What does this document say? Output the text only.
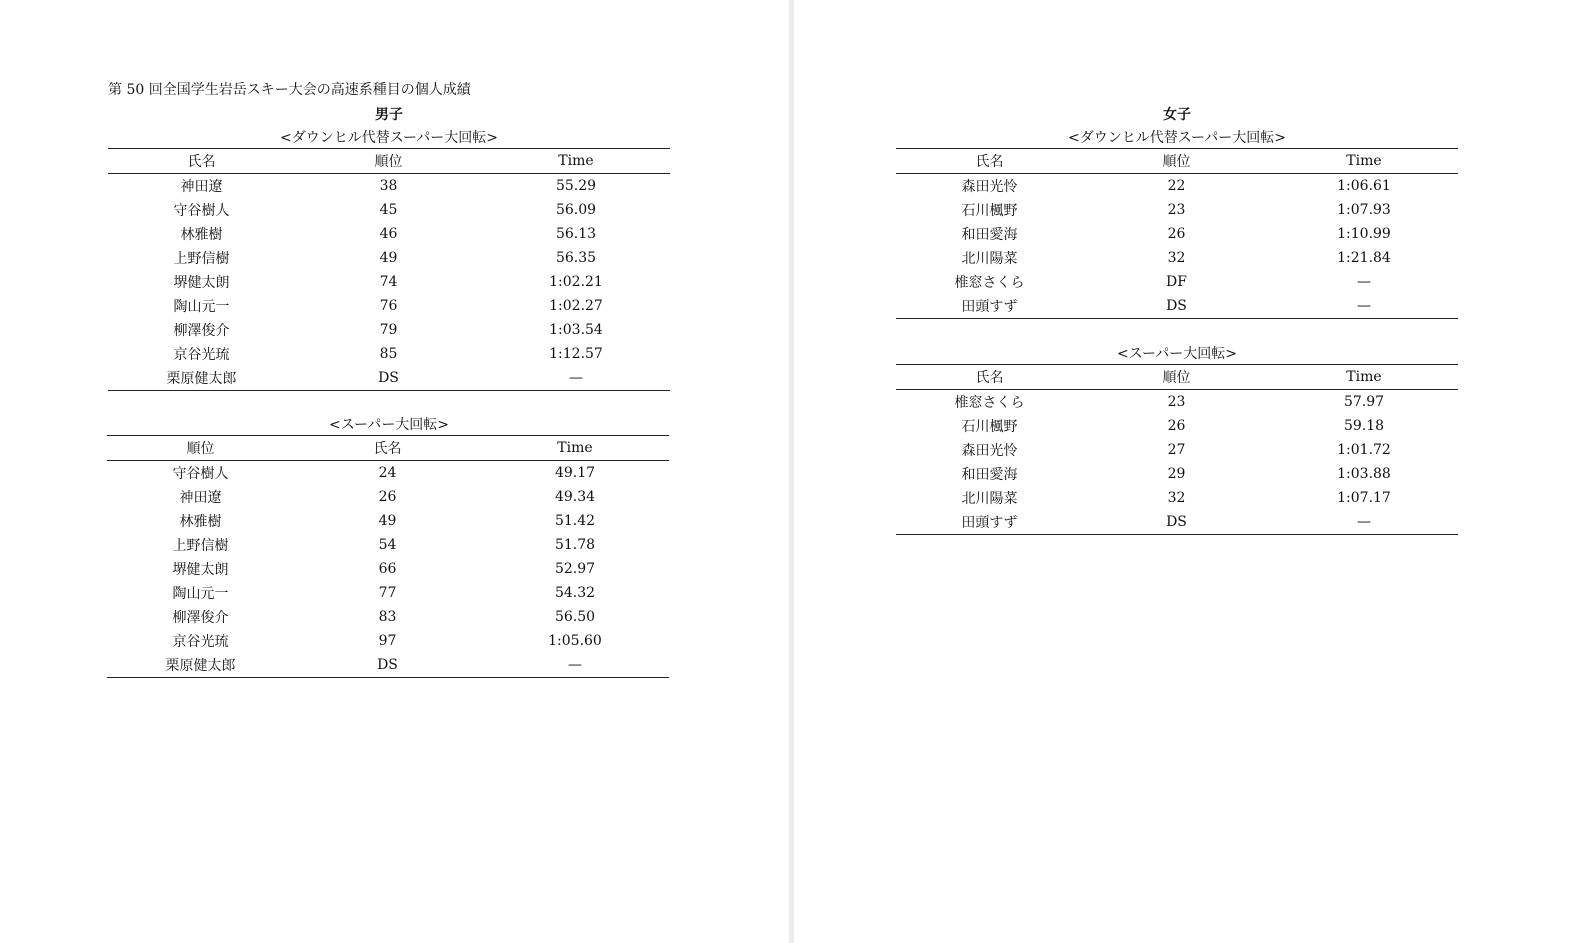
第 50 回全国学生岩岳スキー大会の高速系種目の個人成績
男子
<ダウンヒル代替スーパー大回転>
氏名	順位	Time
神田遼	38	55.29
守谷樹人	45	56.09
林雅樹	46	56.13
上野信樹	49	56.35
堺健太朗	74	1:02.21
陶山元一	76	1:02.27
柳澤俊介	79	1:03.54
京谷光琉	85	1:12.57
栗原健太郎	DS	—
<スーパー大回転>
順位	氏名	Time
守谷樹人	24	49.17
神田遼	26	49.34
林雅樹	49	51.42
上野信樹	54	51.78
堺健太朗	66	52.97
陶山元一	77	54.32
柳澤俊介	83	56.50
京谷光琉	97	1:05.60
栗原健太郎	DS	—
女子
<ダウンヒル代替スーパー大回転>
氏名	順位	Time
森田光怜	22	1:06.61
石川楓野	23	1:07.93
和田愛海	26	1:10.99
北川陽菜	32	1:21.84
椎窓さくら	DF	—
田頭すず	DS	—
<スーパー大回転>
氏名	順位	Time
椎窓さくら	23	57.97
石川楓野	26	59.18
森田光怜	27	1:01.72
和田愛海	29	1:03.88
北川陽菜	32	1:07.17
田頭すず	DS	—
